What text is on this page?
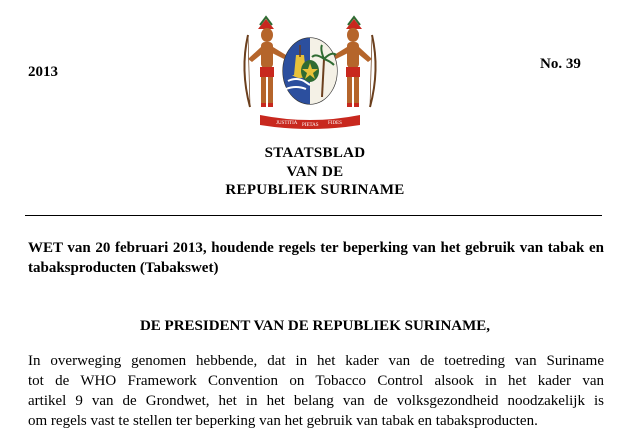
2013	No. 39
JUSTITIA PIETAS FIDES
STAATSBLAD
VAN DE
REPUBLIEK SURINAME
WET van 20 februari 2013, houdende regels ter beperking van het gebruik van tabak en tabaksproducten (Tabakswet)
DE PRESIDENT VAN DE REPUBLIEK SURINAME,
In overweging genomen hebbende, dat in het kader van de toetreding van Suriname
tot de WHO Framework Convention on Tobacco Control alsook in het kader van
artikel 9 van de Grondwet, het in het belang van de volksgezondheid noodzakelijk is
om regels vast te stellen ter beperking van het gebruik van tabak en tabaksproducten.
